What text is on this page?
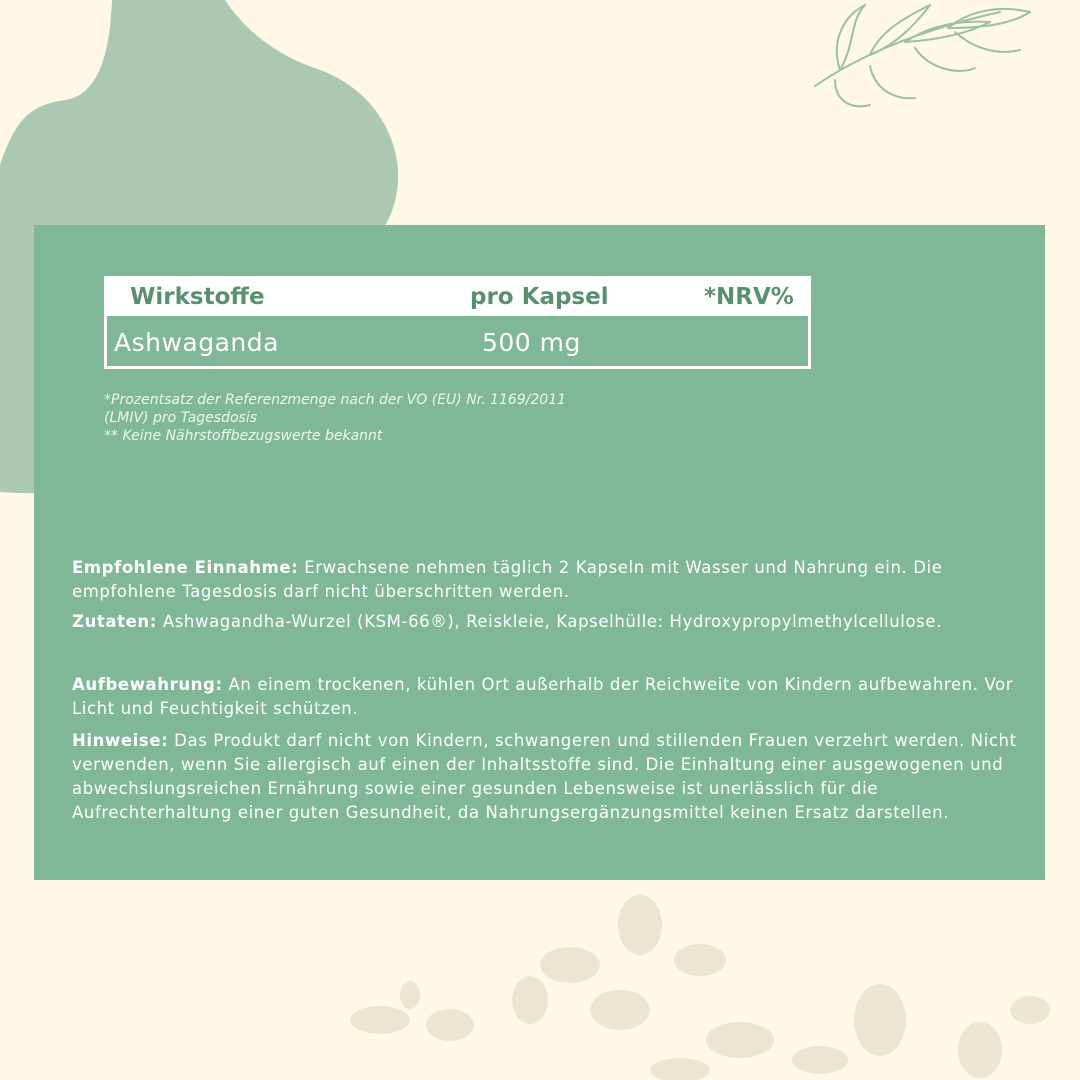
Wirkstoffe	pro Kapsel	*NRV%
Ashwaganda	500 mg
*Prozentsatz der Referenzmenge nach der VO (EU) Nr. 1169/2011
(LMIV) pro Tagesdosis
** Keine Nährstoffbezugswerte bekannt
Empfohlene Einnahme: Erwachsene nehmen täglich 2 Kapseln mit Wasser und Nahrung ein. Die empfohlene Tagesdosis darf nicht überschritten werden.
Zutaten: Ashwagandha-Wurzel (KSM-66®), Reiskleie, Kapselhülle: Hydroxypropylmethylcellulose.
Aufbewahrung: An einem trockenen, kühlen Ort außerhalb der Reichweite von Kindern aufbewahren. Vor Licht und Feuchtigkeit schützen.
Hinweise: Das Produkt darf nicht von Kindern, schwangeren und stillenden Frauen verzehrt werden. Nicht verwenden, wenn Sie allergisch auf einen der Inhaltsstoffe sind. Die Einhaltung einer ausgewogenen und abwechslungsreichen Ernährung sowie einer gesunden Lebensweise ist unerlässlich für die Aufrechterhaltung einer guten Gesundheit, da Nahrungsergänzungsmittel keinen Ersatz darstellen.
